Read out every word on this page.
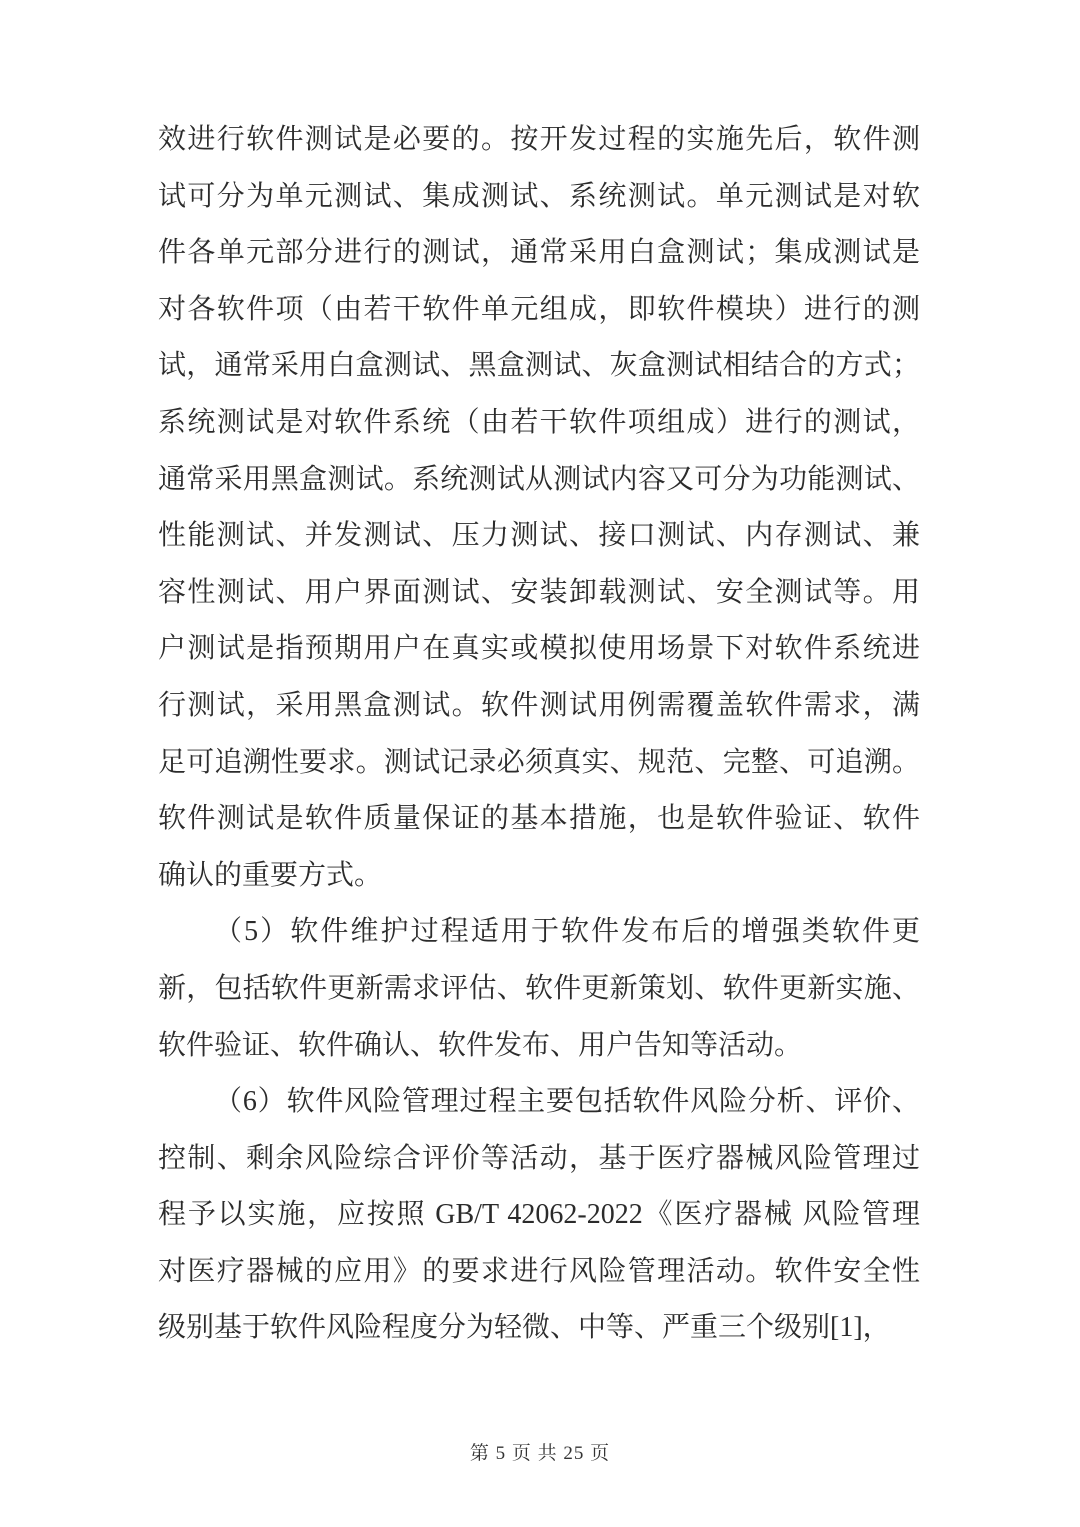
效进行软件测试是必要的。按开发过程的实施先后，软件测
试可分为单元测试、集成测试、系统测试。单元测试是对软
件各单元部分进行的测试，通常采用白盒测试；集成测试是
对各软件项（由若干软件单元组成，即软件模块）进行的测
试，通常采用白盒测试、黑盒测试、灰盒测试相结合的方式；
系统测试是对软件系统（由若干软件项组成）进行的测试，
通常采用黑盒测试。系统测试从测试内容又可分为功能测试、
性能测试、并发测试、压力测试、接口测试、内存测试、兼
容性测试、用户界面测试、安装卸载测试、安全测试等。用
户测试是指预期用户在真实或模拟使用场景下对软件系统进
行测试，采用黑盒测试。软件测试用例需覆盖软件需求，满
足可追溯性要求。测试记录必须真实、规范、完整、可追溯。
软件测试是软件质量保证的基本措施，也是软件验证、软件
确认的重要方式。
（5）软件维护过程适用于软件发布后的增强类软件更
新，包括软件更新需求评估、软件更新策划、软件更新实施、
软件验证、软件确认、软件发布、用户告知等活动。
（6）软件风险管理过程主要包括软件风险分析、评价、
控制、剩余风险综合评价等活动，基于医疗器械风险管理过
程予以实施，应按照 GB/T 42062-2022《医疗器械 风险管理
对医疗器械的应用》的要求进行风险管理活动。软件安全性
级别基于软件风险程度分为轻微、中等、严重三个级别[1]，
第 5 页 共 25 页
